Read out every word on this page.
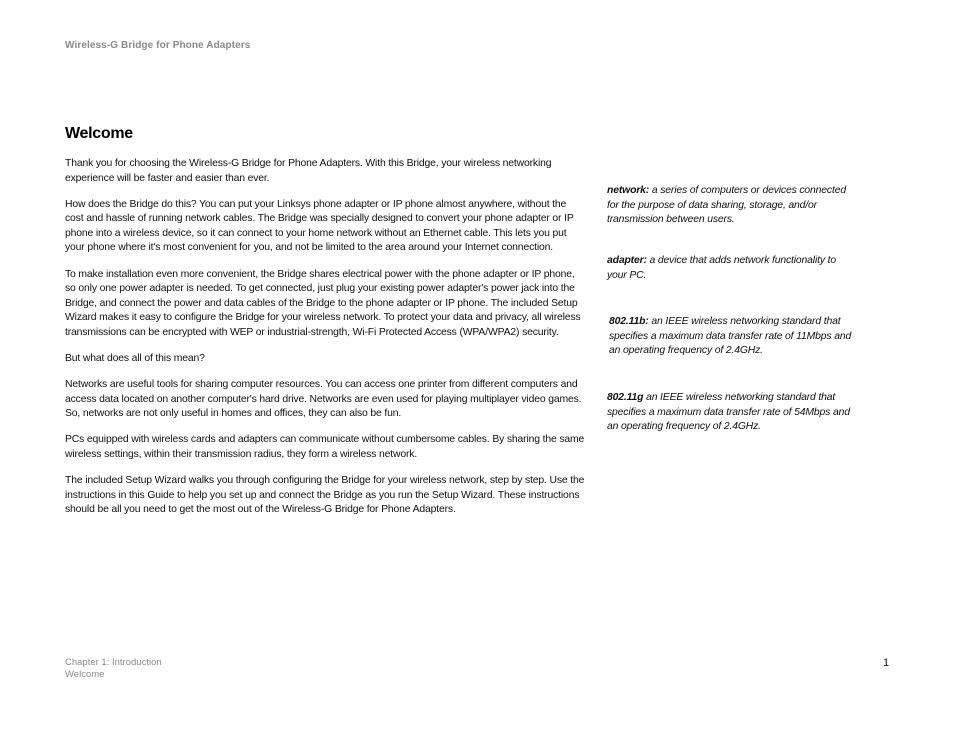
Wireless-G Bridge for Phone Adapters
Welcome

Thank you for choosing the Wireless-G Bridge for Phone Adapters. With this Bridge, your wireless networking experience will be faster and easier than ever.

How does the Bridge do this? You can put your Linksys phone adapter or IP phone almost anywhere, without the cost and hassle of running network cables. The Bridge was specially designed to convert your phone adapter or IP phone into a wireless device, so it can connect to your home network without an Ethernet cable. This lets you put your phone where it's most convenient for you, and not be limited to the area around your Internet connection.

To make installation even more convenient, the Bridge shares electrical power with the phone adapter or IP phone, so only one power adapter is needed. To get connected, just plug your existing power adapter's power jack into the Bridge, and connect the power and data cables of the Bridge to the phone adapter or IP phone. The included Setup Wizard makes it easy to configure the Bridge for your wireless network. To protect your data and privacy, all wireless transmissions can be encrypted with WEP or industrial-strength, Wi-Fi Protected Access (WPA/WPA2) security.

But what does all of this mean?

Networks are useful tools for sharing computer resources. You can access one printer from different computers and access data located on another computer's hard drive. Networks are even used for playing multiplayer video games. So, networks are not only useful in homes and offices, they can also be fun.

PCs equipped with wireless cards and adapters can communicate without cumbersome cables. By sharing the same wireless settings, within their transmission radius, they form a wireless network.

The included Setup Wizard walks you through configuring the Bridge for your wireless network, step by step. Use the instructions in this Guide to help you set up and connect the Bridge as you run the Setup Wizard. These instructions should be all you need to get the most out of the Wireless-G Bridge for Phone Adapters.

network: a series of computers or devices connected for the purpose of data sharing, storage, and/or transmission between users.
adapter: a device that adds network functionality to your PC.
802.11b: an IEEE wireless networking standard that specifies a maximum data transfer rate of 11Mbps and an operating frequency of 2.4GHz.
802.11g an IEEE wireless networking standard that specifies a maximum data transfer rate of 54Mbps and an operating frequency of 2.4GHz.
Chapter 1: Introduction
Welcome
1
